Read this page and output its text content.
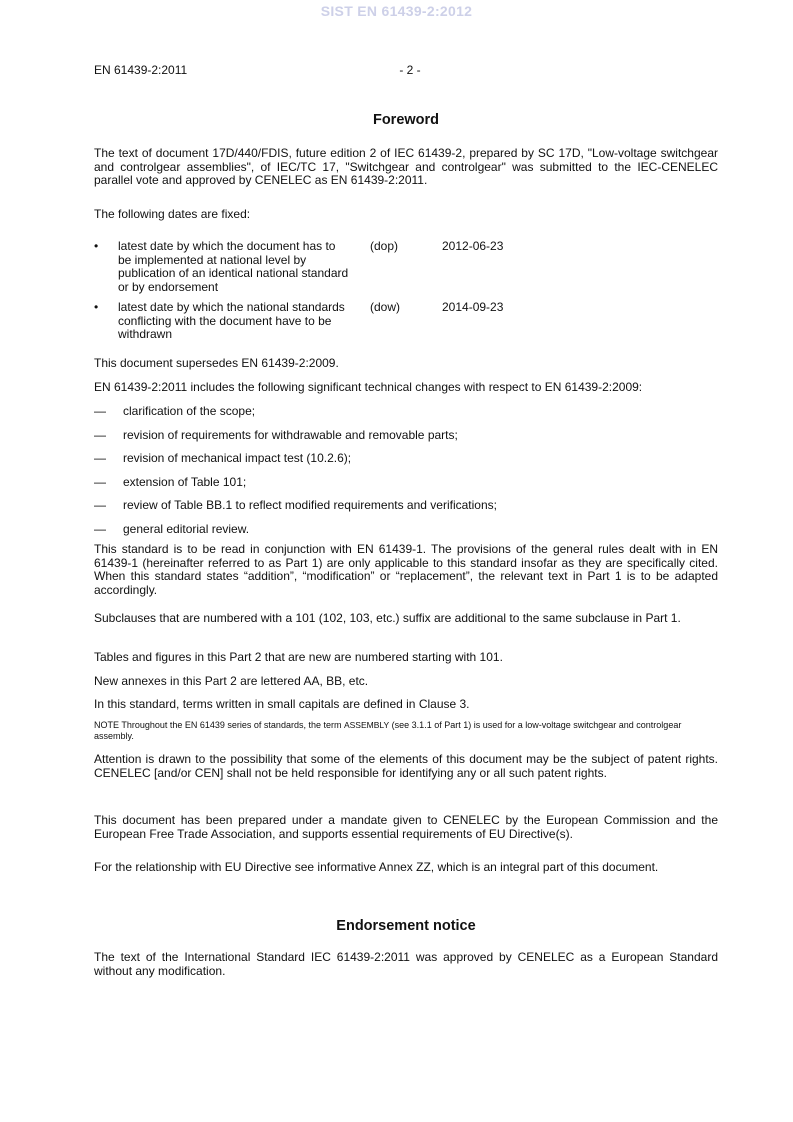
SIST EN 61439-2:2012
EN 61439-2:2011	- 2 -

Foreword

The text of document 17D/440/FDIS, future edition 2 of IEC 61439-2, prepared by SC 17D, "Low-voltage switchgear and controlgear assemblies", of IEC/TC 17, "Switchgear and controlgear" was submitted to the IEC-CENELEC parallel vote and approved by CENELEC as EN 61439-2:2011.

The following dates are fixed:

• latest date by which the document has to be implemented at national level by publication of an identical national standard or by endorsement
(dop)	2012-06-23
• latest date by which the national standards conflicting with the document have to be withdrawn
(dow)	2014-09-23

This document supersedes EN 61439-2:2009.

EN 61439-2:2011 includes the following significant technical changes with respect to EN 61439-2:2009:

— clarification of the scope;
— revision of requirements for withdrawable and removable parts;
— revision of mechanical impact test (10.2.6);
— extension of Table 101;
— review of Table BB.1 to reflect modified requirements and verifications;
— general editorial review.

This standard is to be read in conjunction with EN 61439-1. The provisions of the general rules dealt with in EN 61439-1 (hereinafter referred to as Part 1) are only applicable to this standard insofar as they are specifically cited. When this standard states “addition”, “modification” or “replacement”, the relevant text in Part 1 is to be adapted accordingly.

Subclauses that are numbered with a 101 (102, 103, etc.) suffix are additional to the same subclause in Part 1.

Tables and figures in this Part 2 that are new are numbered starting with 101.

New annexes in this Part 2 are lettered AA, BB, etc.

In this standard, terms written in small capitals are defined in Clause 3.

NOTE Throughout the EN 61439 series of standards, the term ASSEMBLY (see 3.1.1 of Part 1) is used for a low-voltage switchgear and controlgear assembly.

Attention is drawn to the possibility that some of the elements of this document may be the subject of patent rights. CENELEC [and/or CEN] shall not be held responsible for identifying any or all such patent rights.

This document has been prepared under a mandate given to CENELEC by the European Commission and the European Free Trade Association, and supports essential requirements of EU Directive(s).

For the relationship with EU Directive see informative Annex ZZ, which is an integral part of this document.

Endorsement notice

The text of the International Standard IEC 61439-2:2011 was approved by CENELEC as a European Standard without any modification.
